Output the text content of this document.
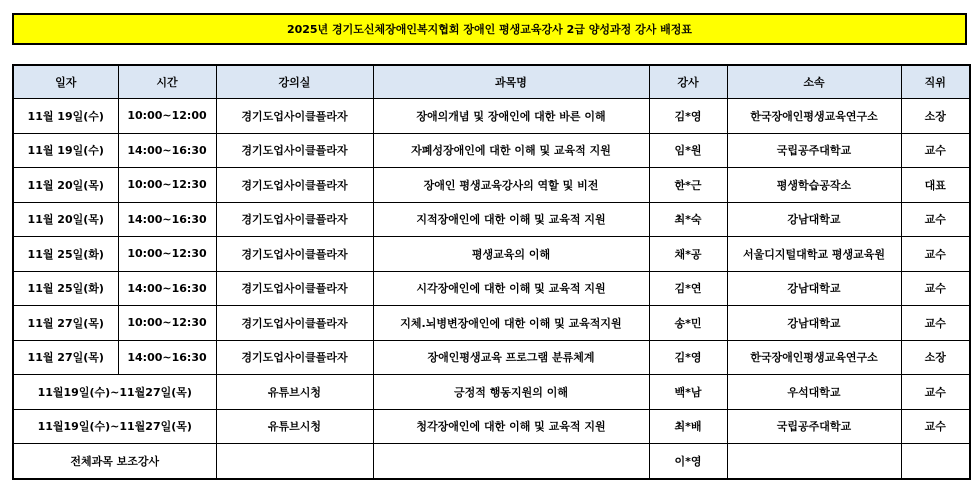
2025년 경기도신체장애인복지협회 장애인 평생교육강사 2급 양성과정 강사 배정표
일자	시간	강의실	과목명	강사	소속	직위
11월 19일(수)	10:00~12:00	경기도업사이클플라자	장애의개념 및 장애인에 대한 바른 이해	김*영	한국장애인평생교육연구소	소장
11월 19일(수)	14:00~16:30	경기도업사이클플라자	자폐성장애인에 대한 이해 및 교육적 지원	임*원	국립공주대학교	교수
11월 20일(목)	10:00~12:30	경기도업사이클플라자	장애인 평생교육강사의 역할 및 비전	한*근	평생학습공작소	대표
11월 20일(목)	14:00~16:30	경기도업사이클플라자	지적장애인에 대한 이해 및 교육적 지원	최*숙	강남대학교	교수
11월 25일(화)	10:00~12:30	경기도업사이클플라자	평생교육의 이해	채*공	서울디지털대학교 평생교육원	교수
11월 25일(화)	14:00~16:30	경기도업사이클플라자	시각장애인에 대한 이해 및 교육적 지원	김*연	강남대학교	교수
11월 27일(목)	10:00~12:30	경기도업사이클플라자	지체.뇌병변장애인에 대한 이해 및 교육적지원	송*민	강남대학교	교수
11월 27일(목)	14:00~16:30	경기도업사이클플라자	장애인평생교육 프로그램 분류체계	김*영	한국장애인평생교육연구소	소장
11월19일(수)~11월27일(목)		유튜브시청	긍정적 행동지원의 이해	백*남	우석대학교	교수
11월19일(수)~11월27일(목)		유튜브시청	청각장애인에 대한 이해 및 교육적 지원	최*배	국립공주대학교	교수
전체과목 보조강사				이*영		
